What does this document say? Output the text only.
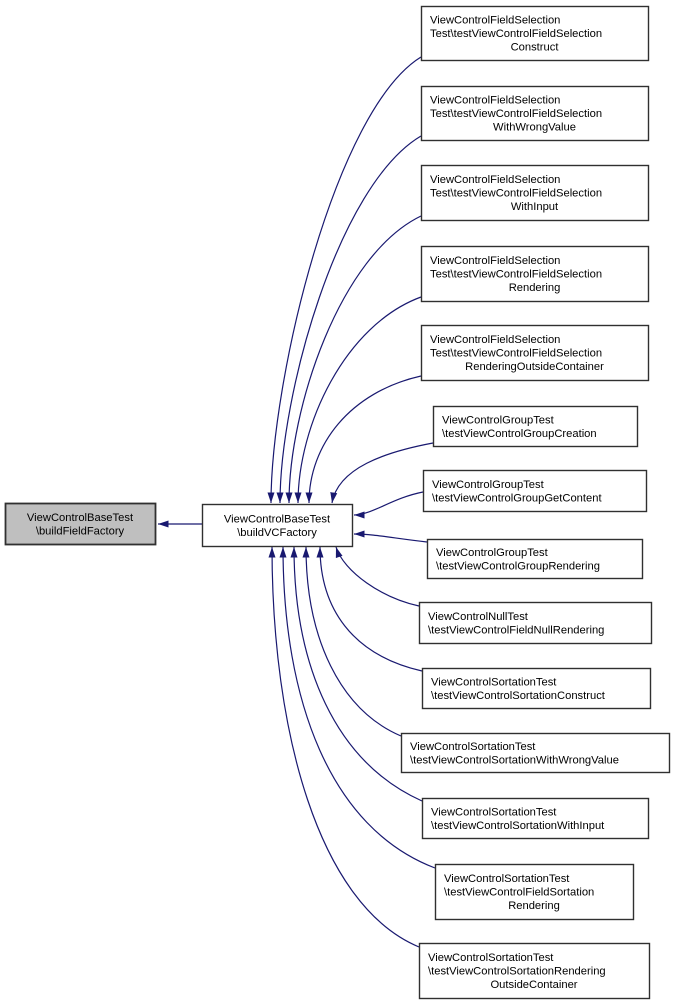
ViewControlBaseTest \buildFieldFactory
ViewControlBaseTest \buildVCFactory
ViewControlFieldSelection Test\testViewControlFieldSelection Construct
ViewControlFieldSelection Test\testViewControlFieldSelection WithWrongValue
ViewControlFieldSelection Test\testViewControlFieldSelection WithInput
ViewControlFieldSelection Test\testViewControlFieldSelection Rendering
ViewControlFieldSelection Test\testViewControlFieldSelection RenderingOutsideContainer
ViewControlGroupTest \testViewControlGroupCreation
ViewControlGroupTest \testViewControlGroupGetContent
ViewControlGroupTest \testViewControlGroupRendering
ViewControlNullTest \testViewControlFieldNullRendering
ViewControlSortationTest \testViewControlSortationConstruct
ViewControlSortationTest \testViewControlSortationWithWrongValue
ViewControlSortationTest \testViewControlSortationWithInput
ViewControlSortationTest \testViewControlFieldSortation Rendering
ViewControlSortationTest \testViewControlSortationRendering OutsideContainer
